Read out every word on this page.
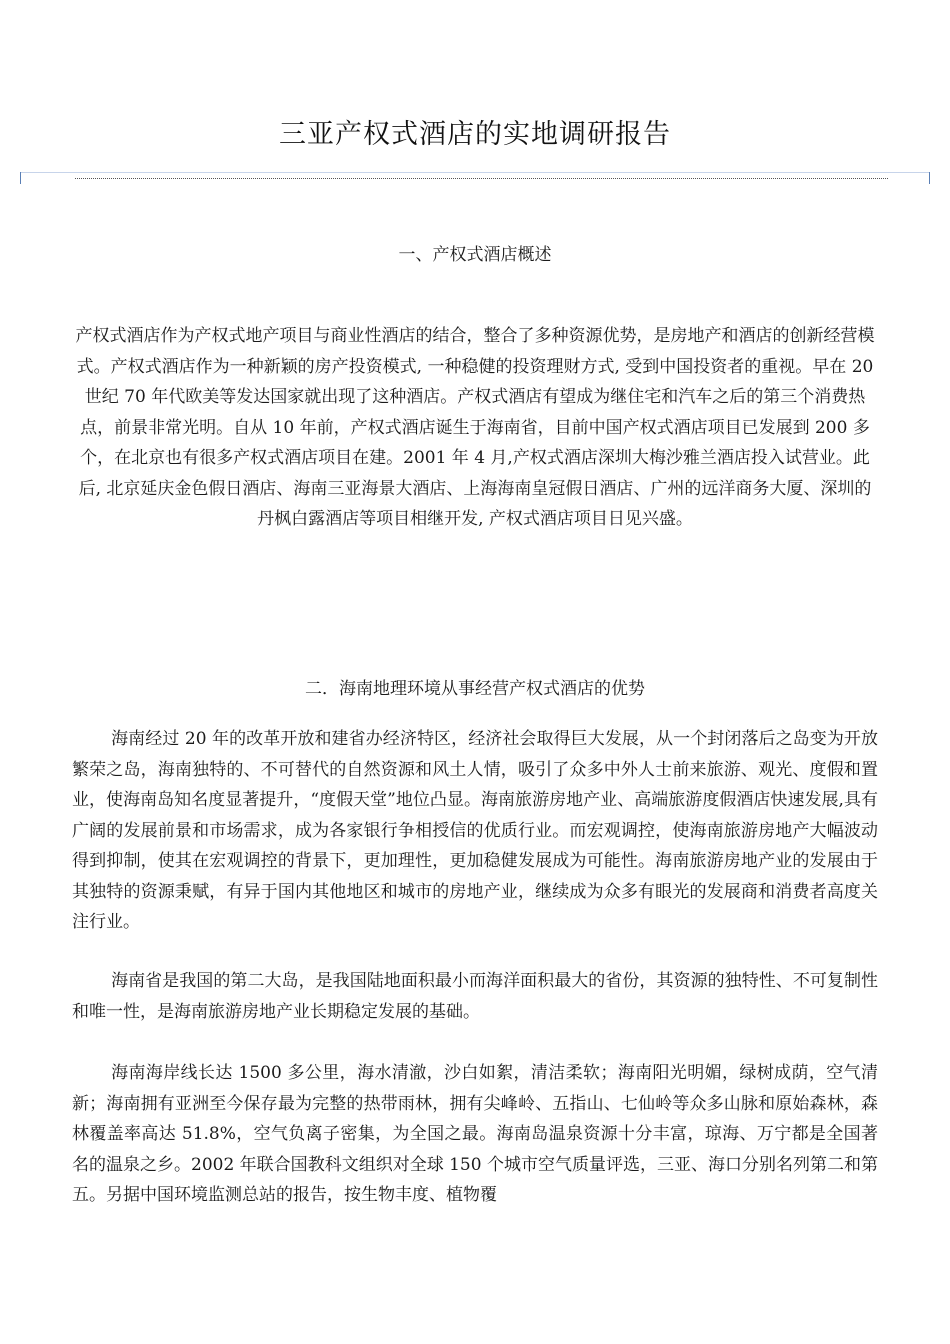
三亚产权式酒店的实地调研报告
一、产权式酒店概述
产权式酒店作为产权式地产项目与商业性酒店的结合，整合了多种资源优势，是房地产和酒店的创新经营模式。产权式酒店作为一种新颖的房产投资模式, 一种稳健的投资理财方式, 受到中国投资者的重视。早在 20 世纪 70 年代欧美等发达国家就出现了这种酒店。产权式酒店有望成为继住宅和汽车之后的第三个消费热点，前景非常光明。自从 10 年前，产权式酒店诞生于海南省，目前中国产权式酒店项目已发展到 200 多个，在北京也有很多产权式酒店项目在建。2001 年 4 月,产权式酒店深圳大梅沙雅兰酒店投入试营业。此后, 北京延庆金色假日酒店、海南三亚海景大酒店、上海海南皇冠假日酒店、广州的远洋商务大厦、深圳的丹枫白露酒店等项目相继开发, 产权式酒店项目日见兴盛。
二．海南地理环境从事经营产权式酒店的优势
海南经过 20 年的改革开放和建省办经济特区，经济社会取得巨大发展，从一个封闭落后之岛变为开放繁荣之岛，海南独特的、不可替代的自然资源和风土人情，吸引了众多中外人士前来旅游、观光、度假和置业，使海南岛知名度显著提升，“度假天堂”地位凸显。海南旅游房地产业、高端旅游度假酒店快速发展,具有广阔的发展前景和市场需求，成为各家银行争相授信的优质行业。而宏观调控，使海南旅游房地产大幅波动得到抑制，使其在宏观调控的背景下，更加理性，更加稳健发展成为可能性。海南旅游房地产业的发展由于其独特的资源秉赋，有异于国内其他地区和城市的房地产业，继续成为众多有眼光的发展商和消费者高度关注行业。
海南省是我国的第二大岛，是我国陆地面积最小而海洋面积最大的省份，其资源的独特性、不可复制性和唯一性，是海南旅游房地产业长期稳定发展的基础。
海南海岸线长达 1500 多公里，海水清澈，沙白如絮，清洁柔软；海南阳光明媚，绿树成荫，空气清新；海南拥有亚洲至今保存最为完整的热带雨林，拥有尖峰岭、五指山、七仙岭等众多山脉和原始森林，森林覆盖率高达 51.8%，空气负离子密集，为全国之最。海南岛温泉资源十分丰富，琼海、万宁都是全国著名的温泉之乡。2002 年联合国教科文组织对全球 150 个城市空气质量评选，三亚、海口分别名列第二和第五。另据中国环境监测总站的报告，按生物丰度、植物覆
